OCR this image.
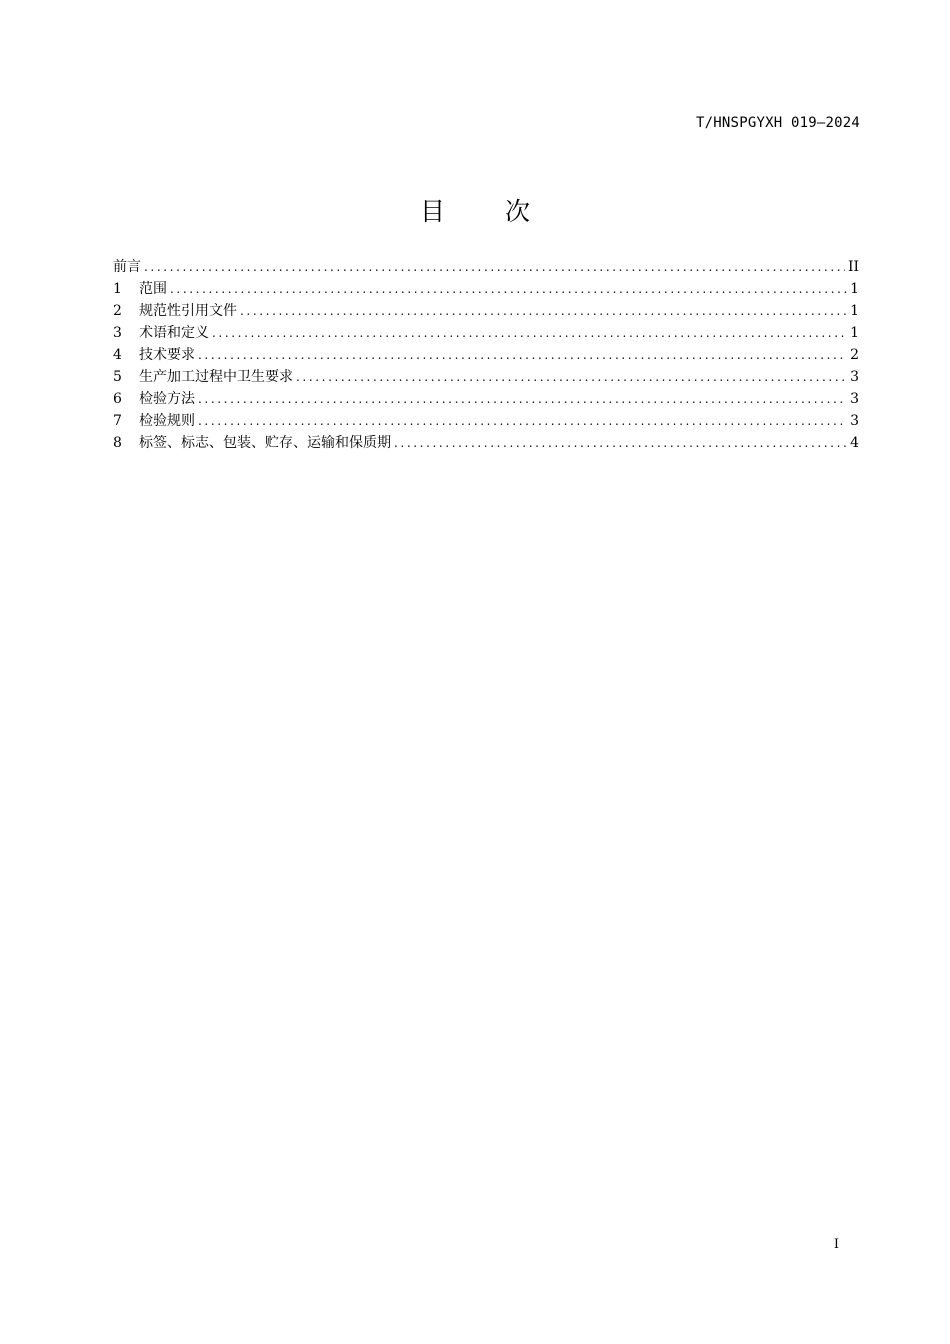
T/HNSPGYXH 019—2024
目次
前言 .....	II
1	范围 .....	1
2	规范性引用文件 .....	1
3	术语和定义 .....	1
4	技术要求 .....	2
5	生产加工过程中卫生要求 .....	3
6	检验方法 .....	3
7	检验规则 .....	3
8	标签、标志、包装、贮存、运输和保质期 .....	4
I
